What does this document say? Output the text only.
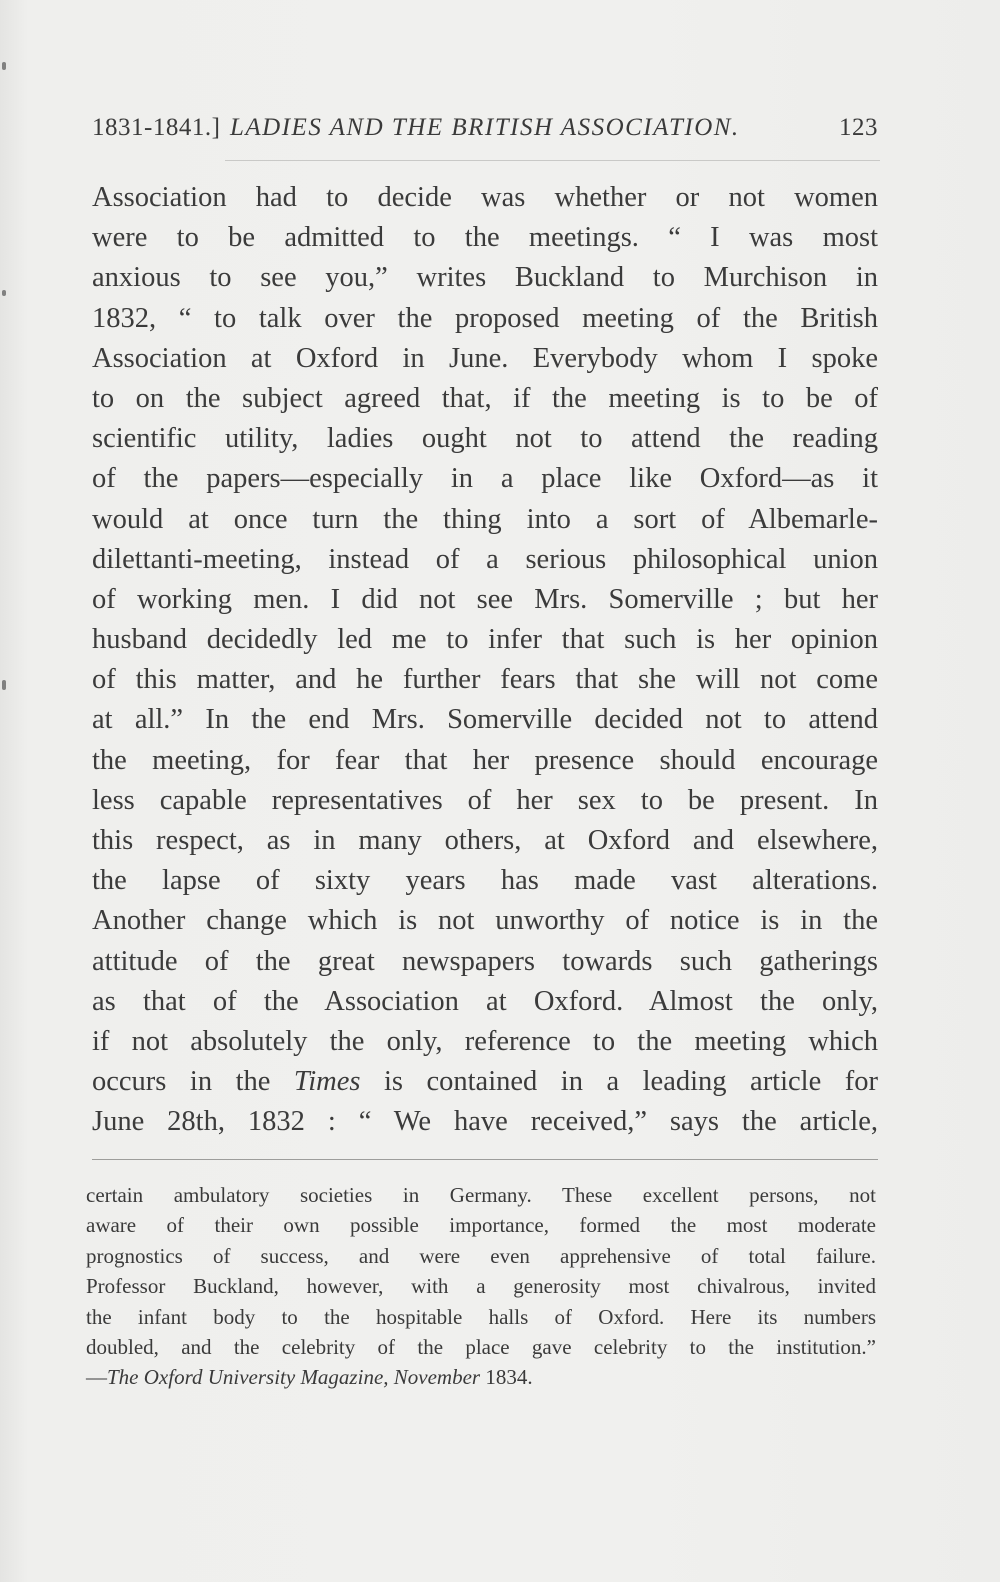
1831-1841.] LADIES AND THE BRITISH ASSOCIATION.	123
Association had to decide was whether or not women
were to be admitted to the meetings. “ I was most
anxious to see you,” writes Buckland to Murchison in
1832, “ to talk over the proposed meeting of the British
Association at Oxford in June. Everybody whom I spoke
to on the subject agreed that, if the meeting is to be of
scientific utility, ladies ought not to attend the reading
of the papers—especially in a place like Oxford—as it
would at once turn the thing into a sort of Albemarle-
dilettanti-meeting, instead of a serious philosophical union
of working men. I did not see Mrs. Somerville ; but her
husband decidedly led me to infer that such is her opinion
of this matter, and he further fears that she will not come
at all.” In the end Mrs. Somerville decided not to attend
the meeting, for fear that her presence should encourage
less capable representatives of her sex to be present. In
this respect, as in many others, at Oxford and elsewhere,
the lapse of sixty years has made vast alterations.
Another change which is not unworthy of notice is in the
attitude of the great newspapers towards such gatherings
as that of the Association at Oxford. Almost the only,
if not absolutely the only, reference to the meeting which
occurs in the Times is contained in a leading article for
June 28th, 1832 : “ We have received,” says the article,
certain ambulatory societies in Germany. These excellent persons, not
aware of their own possible importance, formed the most moderate
prognostics of success, and were even apprehensive of total failure.
Professor Buckland, however, with a generosity most chivalrous, invited
the infant body to the hospitable halls of Oxford. Here its numbers
doubled, and the celebrity of the place gave celebrity to the institution.”
—The Oxford University Magazine, November 1834.
